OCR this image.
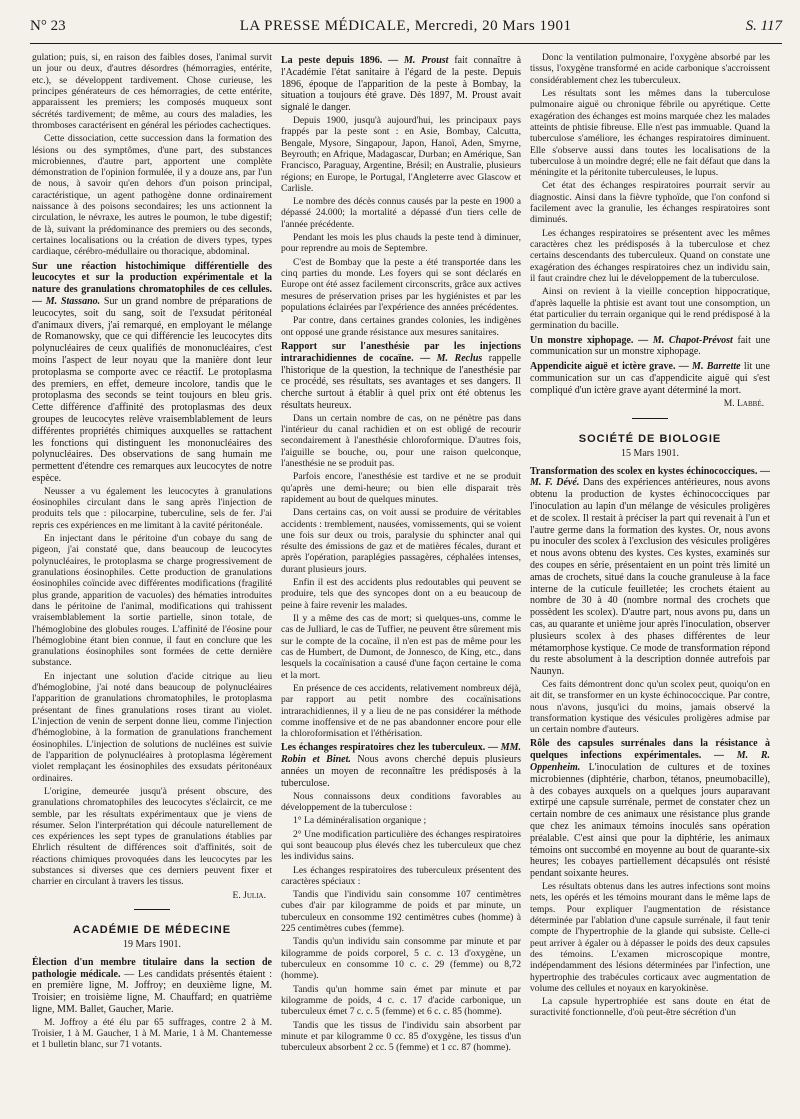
N° 23	LA PRESSE MÉDICALE, Mercredi, 20 Mars 1901	S. 117

gulation; puis, si, en raison des faibles doses, l'animal survit un jour ou deux, d'autres désordres (hémorragies, entérite, etc.), se développent tardivement. Chose curieuse, les principes générateurs de ces hémorragies, de cette entérite, apparaissent les premiers; les composés muqueux sont sécrétés tardivement; de même, au cours des maladies, les thromboses caractérisent en général les périodes cachectiques.

Cette dissociation, cette succession dans la formation des lésions ou des symptômes, d'une part, des substances microbiennes, d'autre part, apportent une complète démonstration de l'opinion formulée, il y a douze ans, par l'un de nous, à savoir qu'en dehors d'un poison principal, caractéristique, un agent pathogène donne ordinairement naissance à des poisons secondaires; les uns actionnent la circulation, le névraxe, les autres le poumon, le tube digestif; de là, suivant la prédominance des premiers ou des seconds, certaines localisations ou la création de divers types, types cardiaque, cérébro-médullaire ou thoracique, abdominal.

Sur une réaction histochimique différentielle des leucocytes et sur la production expérimentale et la nature des granulations chromatophiles de ces cellules. — M. Stassano. Sur un grand nombre de préparations de leucocytes, soit du sang, soit de l'exsudat péritonéal d'animaux divers, j'ai remarqué, en employant le mélange de Romanowsky, que ce qui différencie les leucocytes dits polynucléaires de ceux qualifiés de mononucléaires, c'est moins l'aspect de leur noyau que la manière dont leur protoplasma se comporte avec ce réactif. Le protoplasma des premiers, en effet, demeure incolore, tandis que le protoplasma des seconds se teint toujours en bleu gris. Cette différence d'affinité des protoplasmas des deux groupes de leucocytes relève vraisemblablement de leurs différentes propriétés chimiques auxquelles se rattachent les fonctions qui distinguent les mononucléaires des polynucléaires. Des observations de sang humain me permettent d'étendre ces remarques aux leucocytes de notre espèce.

Neusser a vu également les leucocytes à granulations éosinophiles circulant dans le sang après l'injection de produits tels que : pilocarpine, tuberculine, sels de fer. J'ai repris ces expériences en me limitant à la cavité péritonéale.

En injectant dans le péritoine d'un cobaye du sang de pigeon, j'ai constaté que, dans beaucoup de leucocytes polynucléaires, le protoplasma se charge progressivement de granulations éosinophiles. Cette production de granulations éosinophiles coïncide avec différentes modifications (fragilité plus grande, apparition de vacuoles) des hématies introduites dans le péritoine de l'animal, modifications qui trahissent vraisemblablement la sortie partielle, sinon totale, de l'hémoglobine des globules rouges. L'affinité de l'éosine pour l'hémoglobine étant bien connue, il faut en conclure que les granulations éosinophiles sont formées de cette dernière substance.

En injectant une solution d'acide citrique au lieu d'hémoglobine, j'ai noté dans beaucoup de polynucléaires l'apparition de granulations chromatophiles, le protoplasma présentant de fines granulations roses tirant au violet. L'injection de venin de serpent donne lieu, comme l'injection d'hémoglobine, à la formation de granulations franchement éosinophiles. L'injection de solutions de nucléines est suivie de l'apparition de polynucléaires à protoplasma légèrement violet remplaçant les éosinophiles des exsudats péritonéaux ordinaires.

L'origine, demeurée jusqu'à présent obscure, des granulations chromatophiles des leucocytes s'éclaircit, ce me semble, par les résultats expérimentaux que je viens de résumer. Selon l'interprétation qui découle naturellement de ces expériences les sept types de granulations établies par Ehrlich résultent de différences soit d'affinités, soit de réactions chimiques provoquées dans les leucocytes par les substances si diverses que ces derniers peuvent fixer et charrier en circulant à travers les tissus.

E. Julia.
ACADÉMIE DE MÉDECINE
19 Mars 1901.
Élection d'un membre titulaire dans la section de pathologie médicale. — Les candidats présentés étaient : en première ligne, M. Joffroy; en deuxième ligne, M. Troisier; en troisième ligne, M. Chauffard; en quatrième ligne, MM. Ballet, Gaucher, Marie.

M. Joffroy a été élu par 65 suffrages, contre 2 à M. Troisier, 1 à M. Gaucher, 1 à M. Marie, 1 à M. Chantemesse et 1 bulletin blanc, sur 71 votants.

La peste depuis 1896. — M. Proust fait connaître à l'Académie l'état sanitaire à l'égard de la peste. Depuis 1896, époque de l'apparition de la peste à Bombay, la situation a toujours été grave. Dès 1897, M. Proust avait signalé le danger.

Depuis 1900, jusqu'à aujourd'hui, les principaux pays frappés par la peste sont : en Asie, Bombay, Calcutta, Bengale, Mysore, Singapour, Japon, Hanoï, Aden, Smyrne, Beyrouth; en Afrique, Madagascar, Durban; en Amérique, San Francisco, Paraguay, Argentine, Brésil; en Australie, plusieurs régions; en Europe, le Portugal, l'Angleterre avec Glascow et Carlisle.

Le nombre des décès connus causés par la peste en 1900 a dépassé 24.000; la mortalité a dépassé d'un tiers celle de l'année précédente.

Pendant les mois les plus chauds la peste tend à diminuer, pour reprendre au mois de Septembre.

C'est de Bombay que la peste a été transportée dans les cinq parties du monde. Les foyers qui se sont déclarés en Europe ont été assez facilement circonscrits, grâce aux actives mesures de préservation prises par les hygiénistes et par les populations éclairées par l'expérience des années précédentes.

Par contre, dans certaines grandes colonies, les indigènes ont opposé une grande résistance aux mesures sanitaires.

Rapport sur l'anesthésie par les injections intrarachidiennes de cocaïne. — M. Reclus rappelle l'historique de la question, la technique de l'anesthésie par ce procédé, ses résultats, ses avantages et ses dangers. Il cherche surtout à établir à quel prix ont été obtenus les résultats heureux.

Dans un certain nombre de cas, on ne pénètre pas dans l'intérieur du canal rachidien et on est obligé de recourir secondairement à l'anesthésie chloroformique. D'autres fois, l'aiguille se bouche, ou, pour une raison quelconque, l'anesthésie ne se produit pas.

Parfois encore, l'anesthésie est tardive et ne se produit qu'après une demi-heure; ou bien elle disparait très rapidement au bout de quelques minutes.

Dans certains cas, on voit aussi se produire de véritables accidents : tremblement, nausées, vomissements, qui se voient une fois sur deux ou trois, paralysie du sphincter anal qui résulte des émissions de gaz et de matières fécales, durant et après l'opération, paraplégies passagères, céphalées intenses, durant plusieurs jours.

Enfin il est des accidents plus redoutables qui peuvent se produire, tels que des syncopes dont on a eu beaucoup de peine à faire revenir les malades.

Il y a même des cas de mort; si quelques-uns, comme le cas de Julliard, le cas de Tuffier, ne peuvent être sûrement mis sur le compte de la cocaïne, il n'en est pas de même pour les cas de Humbert, de Dumont, de Jonnesco, de King, etc., dans lesquels la cocaïnisation a causé d'une façon certaine le coma et la mort.

En présence de ces accidents, relativement nombreux déjà, par rapport au petit nombre des cocaïnisations intrarachidiennes, il y a lieu de ne pas considérer la méthode comme inoffensive et de ne pas abandonner encore pour elle la chloroformisation et l'éthérisation.

Les échanges respiratoires chez les tuberculeux. — MM. Robin et Binet. Nous avons cherché depuis plusieurs années un moyen de reconnaître les prédisposés à la tuberculose.

Nous connaissons deux conditions favorables au développement de la tuberculose :

1° La déminéralisation organique ;

2° Une modification particulière des échanges respiratoires qui sont beaucoup plus élevés chez les tuberculeux que chez les individus sains.

Les échanges respiratoires des tuberculeux présentent des caractères spéciaux :

Tandis que l'individu sain consomme 107 centimètres cubes d'air par kilogramme de poids et par minute, un tuberculeux en consomme 192 centimètres cubes (homme) à 225 centimètres cubes (femme).

Tandis qu'un individu sain consomme par minute et par kilogramme de poids corporel, 5 c. c. 13 d'oxygène, un tuberculeux en consomme 10 c. c. 29 (femme) ou 8,72 (homme).

Tandis qu'un homme sain émet par minute et par kilogramme de poids, 4 c. c. 17 d'acide carbonique, un tuberculeux émet 7 c. c. 5 (femme) et 6 c. c. 85 (homme).

Tandis que les tissus de l'individu sain absorbent par minute et par kilogramme 0 cc. 85 d'oxygène, les tissus d'un tuberculeux absorbent 2 cc. 5 (femme) et 1 cc. 87 (homme).

Donc la ventilation pulmonaire, l'oxygène absorbé par les tissus, l'oxygène transformé en acide carbonique s'accroissent considérablement chez les tuberculeux.

Les résultats sont les mêmes dans la tuberculose pulmonaire aiguë ou chronique fébrile ou apyrétique. Cette exagération des échanges est moins marquée chez les malades atteints de phtisie fibreuse. Elle n'est pas immuable. Quand la tuberculose s'améliore, les échanges respiratoires diminuent. Elle s'observe aussi dans toutes les localisations de la tuberculose à un moindre degré; elle ne fait défaut que dans la méningite et la péritonite tuberculeuses, le lupus.

Cet état des échanges respiratoires pourrait servir au diagnostic. Ainsi dans la fièvre typhoïde, que l'on confond si facilement avec la granulie, les échanges respiratoires sont diminués.

Les échanges respiratoires se présentent avec les mêmes caractères chez les prédisposés à la tuberculose et chez certains descendants des tuberculeux. Quand on constate une exagération des échanges respiratoires chez un individu sain, il faut craindre chez lui le développement de la tuberculose.

Ainsi on revient à la vieille conception hippocratique, d'après laquelle la phtisie est avant tout une consomption, un état particulier du terrain organique qui le rend prédisposé à la germination du bacille.

Un monstre xiphopage. — M. Chapot-Prévost fait une communication sur un monstre xiphopage.
Appendicite aiguë et ictère grave. — M. Barrette lit une communication sur un cas d'appendicite aiguë qui s'est compliqué d'un ictère grave ayant déterminé la mort.
M. Labbé.
SOCIÉTÉ DE BIOLOGIE
15 Mars 1901.
Transformation des scolex en kystes échinococciques. — M. F. Dévé. Dans des expériences antérieures, nous avons obtenu la production de kystes échinococciques par l'inoculation au lapin d'un mélange de vésicules proligères et de scolex. Il restait à préciser la part qui revenait à l'un et l'autre germe dans la formation des kystes. Or, nous avons pu inoculer des scolex à l'exclusion des vésicules proligères et nous avons obtenu des kystes. Ces kystes, examinés sur des coupes en série, présentaient en un point très limité un amas de crochets, situé dans la couche granuleuse à la face interne de la cuticule feuilletée; les crochets étaient au nombre de 30 à 40 (nombre normal des crochets que possèdent les scolex). D'autre part, nous avons pu, dans un cas, au quarante et unième jour après l'inoculation, observer plusieurs scolex à des phases différentes de leur métamorphose kystique. Ce mode de transformation répond du reste absolument à la description donnée autrefois par Naunyn.

Ces faits démontrent donc qu'un scolex peut, quoiqu'on en ait dit, se transformer en un kyste échinococcique. Par contre, nous n'avons, jusqu'ici du moins, jamais observé la transformation kystique des vésicules proligères admise par un certain nombre d'auteurs.

Rôle des capsules surrénales dans la résistance à quelques infections expérimentales. — M. R. Oppenheim. L'inoculation de cultures et de toxines microbiennes (diphtérie, charbon, tétanos, pneumobacille), à des cobayes auxquels on a quelques jours auparavant extirpé une capsule surrénale, permet de constater chez un certain nombre de ces animaux une résistance plus grande que chez les animaux témoins inoculés sans opération préalable. C'est ainsi que pour la diphtérie, les animaux témoins ont succombé en moyenne au bout de quarante-six heures; les cobayes partiellement décapsulés ont résisté pendant soixante heures.

Les résultats obtenus dans les autres infections sont moins nets, les opérés et les témoins mourant dans le même laps de temps. Pour expliquer l'augmentation de résistance déterminée par l'ablation d'une capsule surrénale, il faut tenir compte de l'hypertrophie de la glande qui subsiste. Celle-ci peut arriver à égaler ou à dépasser le poids des deux capsules des témoins. L'examen microscopique montre, indépendamment des lésions déterminées par l'infection, une hypertrophie des trabécules corticaux avec augmentation de volume des cellules et noyaux en karyokinèse.

La capsule hypertrophiée est sans doute en état de suractivité fonctionnelle, d'où peut-être sécrétion d'un
